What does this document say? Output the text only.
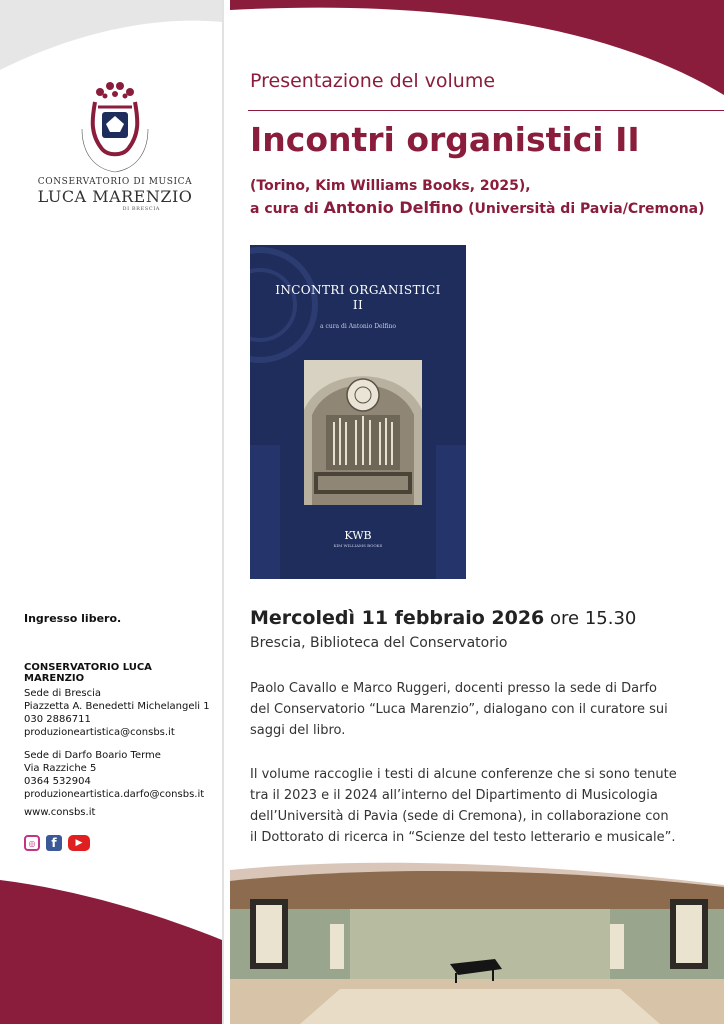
CONSERVATORIO DI MUSICA
LUCA MARENZIO
DI BRESCIA
Presentazione del volume
Incontri organistici II
(Torino, Kim Williams Books, 2025),
a cura di Antonio Delfino (Università di Pavia/Cremona)
INCONTRI ORGANISTICI
II
a cura di Antonio Delfino
KWB
KIM WILLIAMS BOOKS
Mercoledì 11 febbraio 2026 ore 15.30
Brescia, Biblioteca del Conservatorio

Paolo Cavallo e Marco Ruggeri, docenti presso la sede di Darfo

del Conservatorio “Luca Marenzio”, dialogano con il curatore sui

saggi del libro.

Il volume raccoglie i testi di alcune conferenze che si sono tenute

tra il 2023 e il 2024 all’interno del Dipartimento di Musicologia

dell’Università di Pavia (sede di Cremona), in collaborazione con

il Dottorato di ricerca in “Scienze del testo letterario e musicale”.

Ingresso libero.
CONSERVATORIO LUCA MARENZIO
Sede di Brescia
Piazzetta A. Benedetti Michelangeli 1
030 2886711
produzioneartistica@consbs.it
Sede di Darfo Boario Terme
Via Razziche 5
0364 532904
produzioneartistica.darfo@consbs.it
www.consbs.it
◎	f	▶
